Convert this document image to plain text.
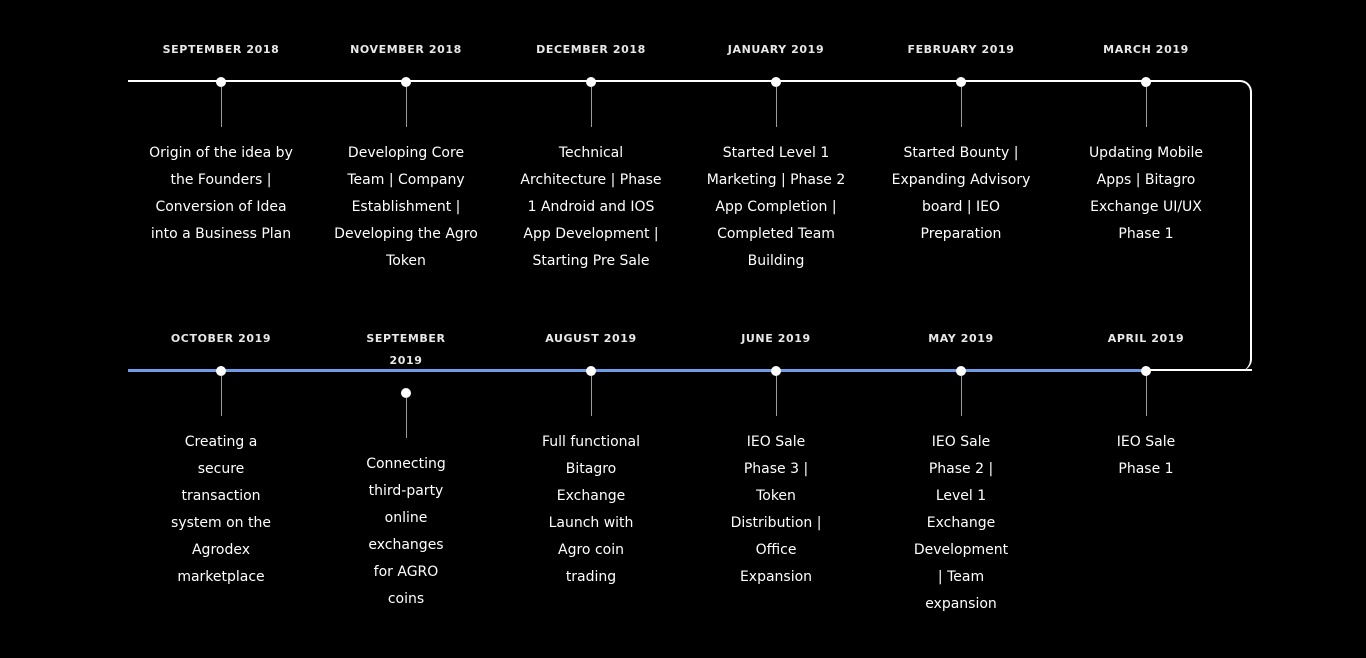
SEPTEMBER 2018
Origin of the idea by
the Founders |
Conversion of Idea
into a Business Plan
NOVEMBER 2018
Developing Core
Team | Company
Establishment |
Developing the Agro
Token
DECEMBER 2018
Technical
Architecture | Phase
1 Android and IOS
App Development |
Starting Pre Sale
JANUARY 2019
Started Level 1
Marketing | Phase 2
App Completion |
Completed Team
Building
FEBRUARY 2019
Started Bounty |
Expanding Advisory
board | IEO
Preparation
MARCH 2019
Updating Mobile
Apps | Bitagro
Exchange UI/UX
Phase 1
OCTOBER 2019
Creating a
secure
transaction
system on the
Agrodex
marketplace
SEPTEMBER
2019
Connecting
third-party
online
exchanges
for AGRO
coins
AUGUST 2019
Full functional
Bitagro
Exchange
Launch with
Agro coin
trading
JUNE 2019
IEO Sale
Phase 3 |
Token
Distribution |
Office
Expansion
MAY 2019
IEO Sale
Phase 2 |
Level 1
Exchange
Development
| Team
expansion
APRIL 2019
IEO Sale
Phase 1
